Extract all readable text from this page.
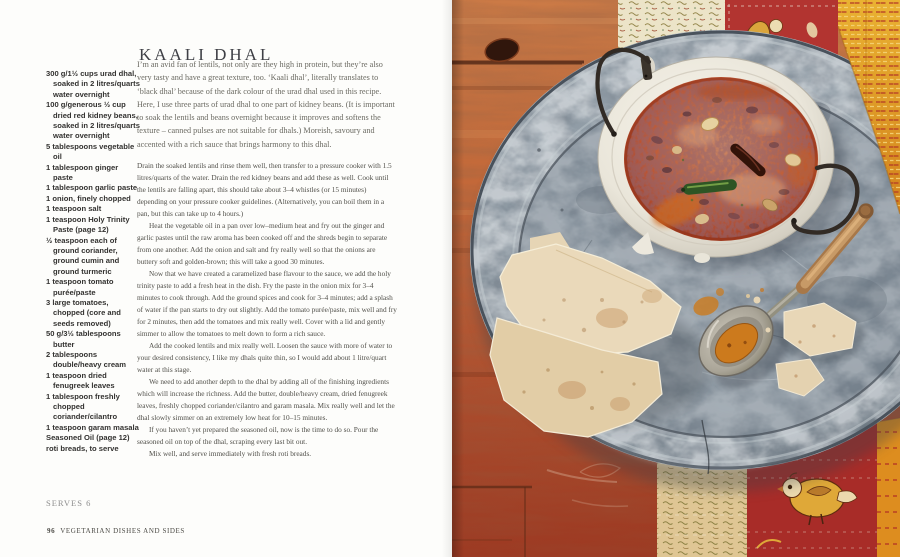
KAALI DHAL
300 g/1½ cups urad dhal, soaked in 2 litres/quarts water overnight
100 g/generous ½ cup dried red kidney beans, soaked in 2 litres/quarts water overnight
5 tablespoons vegetable oil
1 tablespoon ginger paste
1 tablespoon garlic paste
1 onion, finely chopped
1 teaspoon salt
1 teaspoon Holy Trinity Paste (page 12)
½ teaspoon each of ground coriander, ground cumin and ground turmeric
1 teaspoon tomato purée/paste
3 large tomatoes, chopped (core and seeds removed)
50 g/3½ tablespoons butter
2 tablespoons double/heavy cream
1 teaspoon dried fenugreek leaves
1 tablespoon freshly chopped coriander/cilantro
1 teaspoon garam masala
Seasoned Oil (page 12)
roti breads, to serve

I’m an avid fan of lentils, not only are they high in protein, but they’re also very tasty and have a great texture, too. ‘Kaali dhal’, literally translates to ‘black dhal’ because of the dark colour of the urad dhal used in this recipe. Here, I use three parts of urad dhal to one part of kidney beans. (It is important to soak the lentils and beans overnight because it improves and softens the texture – canned pulses are not suitable for dhals.) Moreish, savoury and accented with a rich sauce that brings harmony to this dhal.

Drain the soaked lentils and rinse them well, then transfer to a pressure cooker with 1.5 litres/quarts of the water. Drain the red kidney beans and add these as well. Cook until the lentils are falling apart, this should take about 3–4 whistles (or 15 minutes) depending on your pressure cooker guidelines. (Alternatively, you can boil them in a pan, but this can take up to 4 hours.)

Heat the vegetable oil in a pan over low–medium heat and fry out the ginger and garlic pastes until the raw aroma has been cooked off and the shreds begin to separate from one another. Add the onion and salt and fry really well so that the onions are buttery soft and golden-brown; this will take a good 30 minutes.

Now that we have created a caramelized base flavour to the sauce, we add the holy trinity paste to add a fresh heat in the dish. Fry the paste in the onion mix for 3–4 minutes to cook through. Add the ground spices and cook for 3–4 minutes; add a splash of water if the pan starts to dry out slightly. Add the tomato purée/paste, mix well and fry for 2 minutes, then add the tomatoes and mix really well. Cover with a lid and gently simmer to allow the tomatoes to melt down to form a rich sauce.

Add the cooked lentils and mix really well. Loosen the sauce with more of water to your desired consistency, I like my dhals quite thin, so I would add about 1 litre/quart water at this stage.

We need to add another depth to the dhal by adding all of the finishing ingredients which will increase the richness. Add the butter, double/heavy cream, dried fenugreek leaves, freshly chopped coriander/cilantro and garam masala. Mix really well and let the dhal slowly simmer on an extremely low heat for 10–15 minutes.

If you haven’t yet prepared the seasoned oil, now is the time to do so. Pour the seasoned oil on top of the dhal, scraping every last bit out.

Mix well, and serve immediately with fresh roti breads.

SERVES 6
96 VEGETARIAN DISHES AND SIDES
